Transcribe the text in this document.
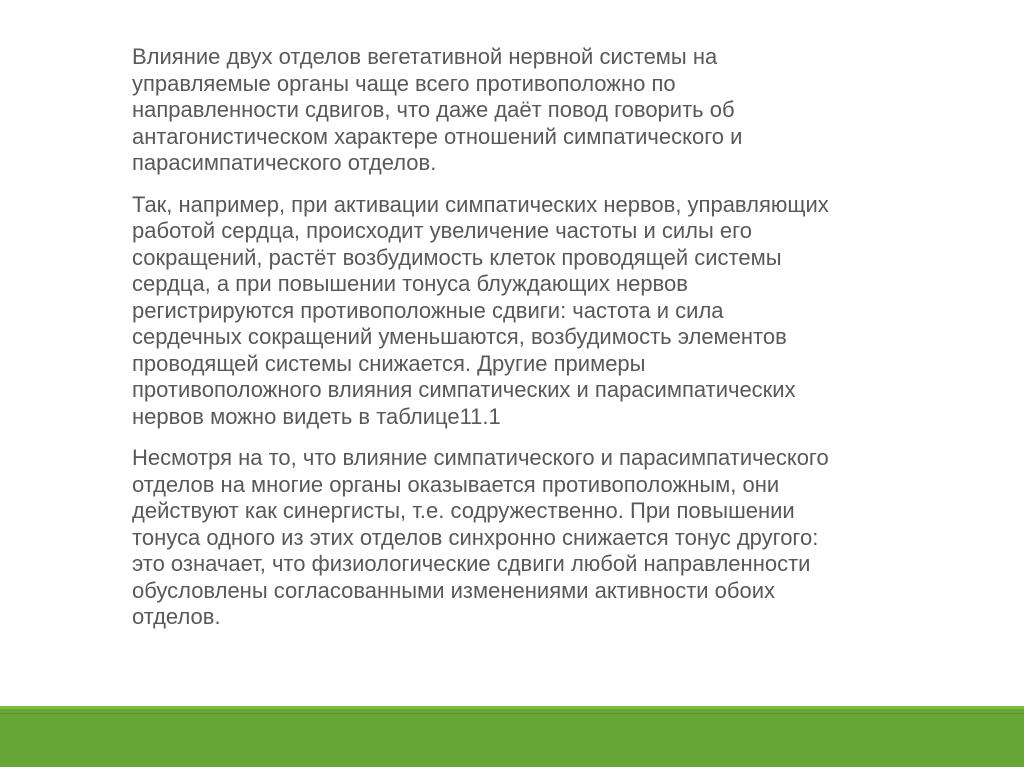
Влияние двух отделов вегетативной нервной системы на
управляемые органы чаще всего противоположно по
направленности сдвигов, что даже даёт повод говорить об
антагонистическом характере отношений симпатического и
парасимпатического отделов.

Так, например, при активации симпатических нервов, управляющих
работой сердца, происходит увеличение частоты и силы его
сокращений, растёт возбудимость клеток проводящей системы
сердца, а при повышении тонуса блуждающих нервов
регистрируются противоположные сдвиги: частота и сила
сердечных сокращений уменьшаются, возбудимость элементов
проводящей системы снижается. Другие примеры
противоположного влияния симпатических и парасимпатических
нервов можно видеть в таблице11.1

Несмотря на то, что влияние симпатического и парасимпатического
отделов на многие органы оказывается противоположным, они
действуют как синергисты, т.е. содружественно. При повышении
тонуса одного из этих отделов синхронно снижается тонус другого:
это означает, что физиологические сдвиги любой направленности
обусловлены согласованными изменениями активности обоих
отделов.
